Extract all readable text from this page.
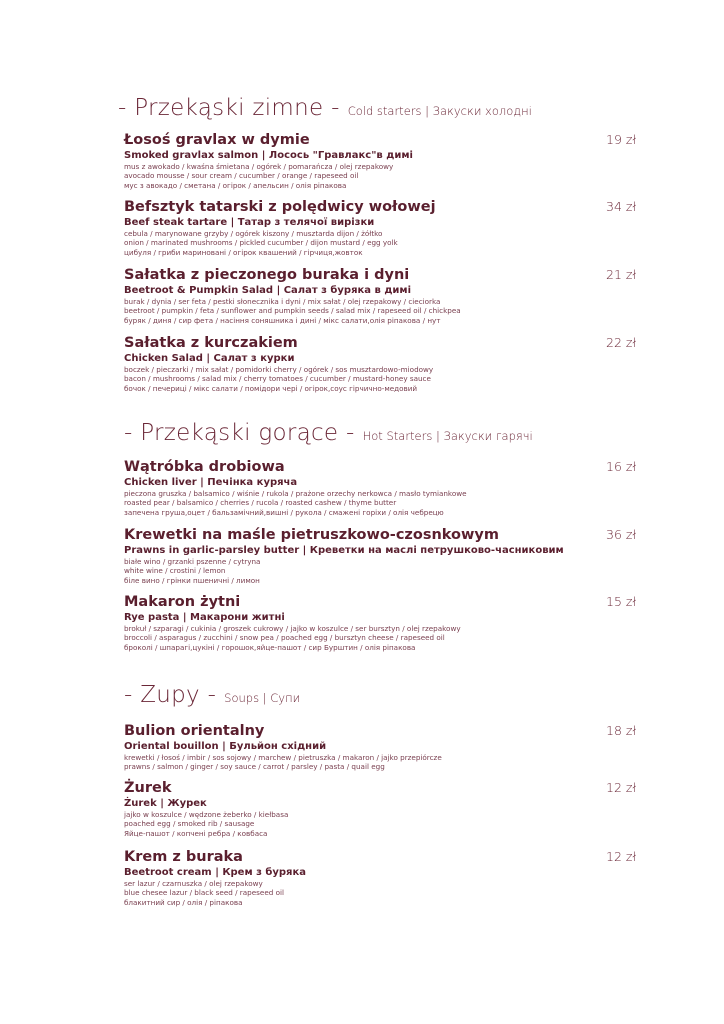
- Przekąski zimne - Cold starters | Закуски холодні
Łosoś gravlax w dymie
Smoked gravlax salmon | Лосось "Гравлакс"в димі
mus z awokado / kwaśna śmietana / ogórek / pomarańcza / olej rzepakowy
avocado mousse / sour cream / cucumber / orange / rapeseed oil
мус з авокадо / сметана / огірок / апельсин / олія ріпакова
19 zł
Befsztyk tatarski z polędwicy wołowej
Beef steak tartare | Татар з телячої вирізки
cebula / marynowane grzyby / ogórek kiszony / musztarda dijon / żółtko
onion / marinated mushrooms / pickled cucumber / dijon mustard / egg yolk
цибуля / гриби мариновані / огірок квашений / гірчиця,жовток
34 zł
Sałatka z pieczonego buraka i dyni
Beetroot & Pumpkin Salad | Салат з буряка в димі
burak / dynia / ser feta / pestki słonecznika i dyni / mix sałat / olej rzepakowy / cieciorka
beetroot / pumpkin / feta / sunflower and pumpkin seeds / salad mix / rapeseed oil / chickpea
буряк / диня / сир фета / насіння соняшника і дині / мікс салати,олія ріпакова / нут
21 zł
Sałatka z kurczakiem
Chicken Salad | Салат з курки
boczek / pieczarki / mix sałat / pomidorki cherry / ogórek / sos musztardowo-miodowy
bacon / mushrooms / salad mix / cherry tomatoes / cucumber / mustard-honey sauce
бочок / печериці / мікс салати / помідори чері / огірок,соус гірчично-медовий
22 zł
- Przekąski gorące - Hot Starters | Закуски гарячі
Wątróbka drobiowa
Chicken liver | Печінка куряча
pieczona gruszka / balsamico / wiśnie / rukola / prażone orzechy nerkowca / masło tymiankowe
roasted pear / balsamico / cherries / rucola / roasted cashew / thyme butter
запечена груша,оцет / бальзамічний,вишні / рукола / смажені горіхи / олія чебрецю
16 zł
Krewetki na maśle pietruszkowo-czosnkowym
Prawns in garlic-parsley butter | Креветки на маслі петрушково-часниковим
białe wino / grzanki pszenne / cytryna
white wine / crostini / lemon
біле вино / грінки пшеничні / лимон
36 zł
Makaron żytni
Rye pasta | Макарони житні
brokuł / szparagi / cukinia / groszek cukrowy / jajko w koszulce / ser bursztyn / olej rzepakowy
broccoli / asparagus / zucchini / snow pea / poached egg / bursztyn cheese / rapeseed oil
броколі / шпарагі,цукіні / горошок,яйце-пашот / сир Бурштин / олія ріпакова
15 zł
- Zupy - Soups | Супи
Bulion orientalny
Oriental bouillon | Бульйон східний
krewetki / łosoś / imbir / sos sojowy / marchew / pietruszka / makaron / jajko przepiórcze
prawns / salmon / ginger / soy sauce / carrot / parsley / pasta / quail egg
18 zł
Żurek
Żurek | Журек
jajko w koszulce / wędzone żeberko / kiełbasa
poached egg / smoked rib / sausage
Яйце-пашот / копчені ребра / ковбаса
12 zł
Krem z buraka
Beetroot cream | Крем з буряка
ser lazur / czarnuszka / olej rzepakowy
blue chesee lazur / black seed / rapeseed oil
блакитний сир / олія / ріпакова
12 zł
